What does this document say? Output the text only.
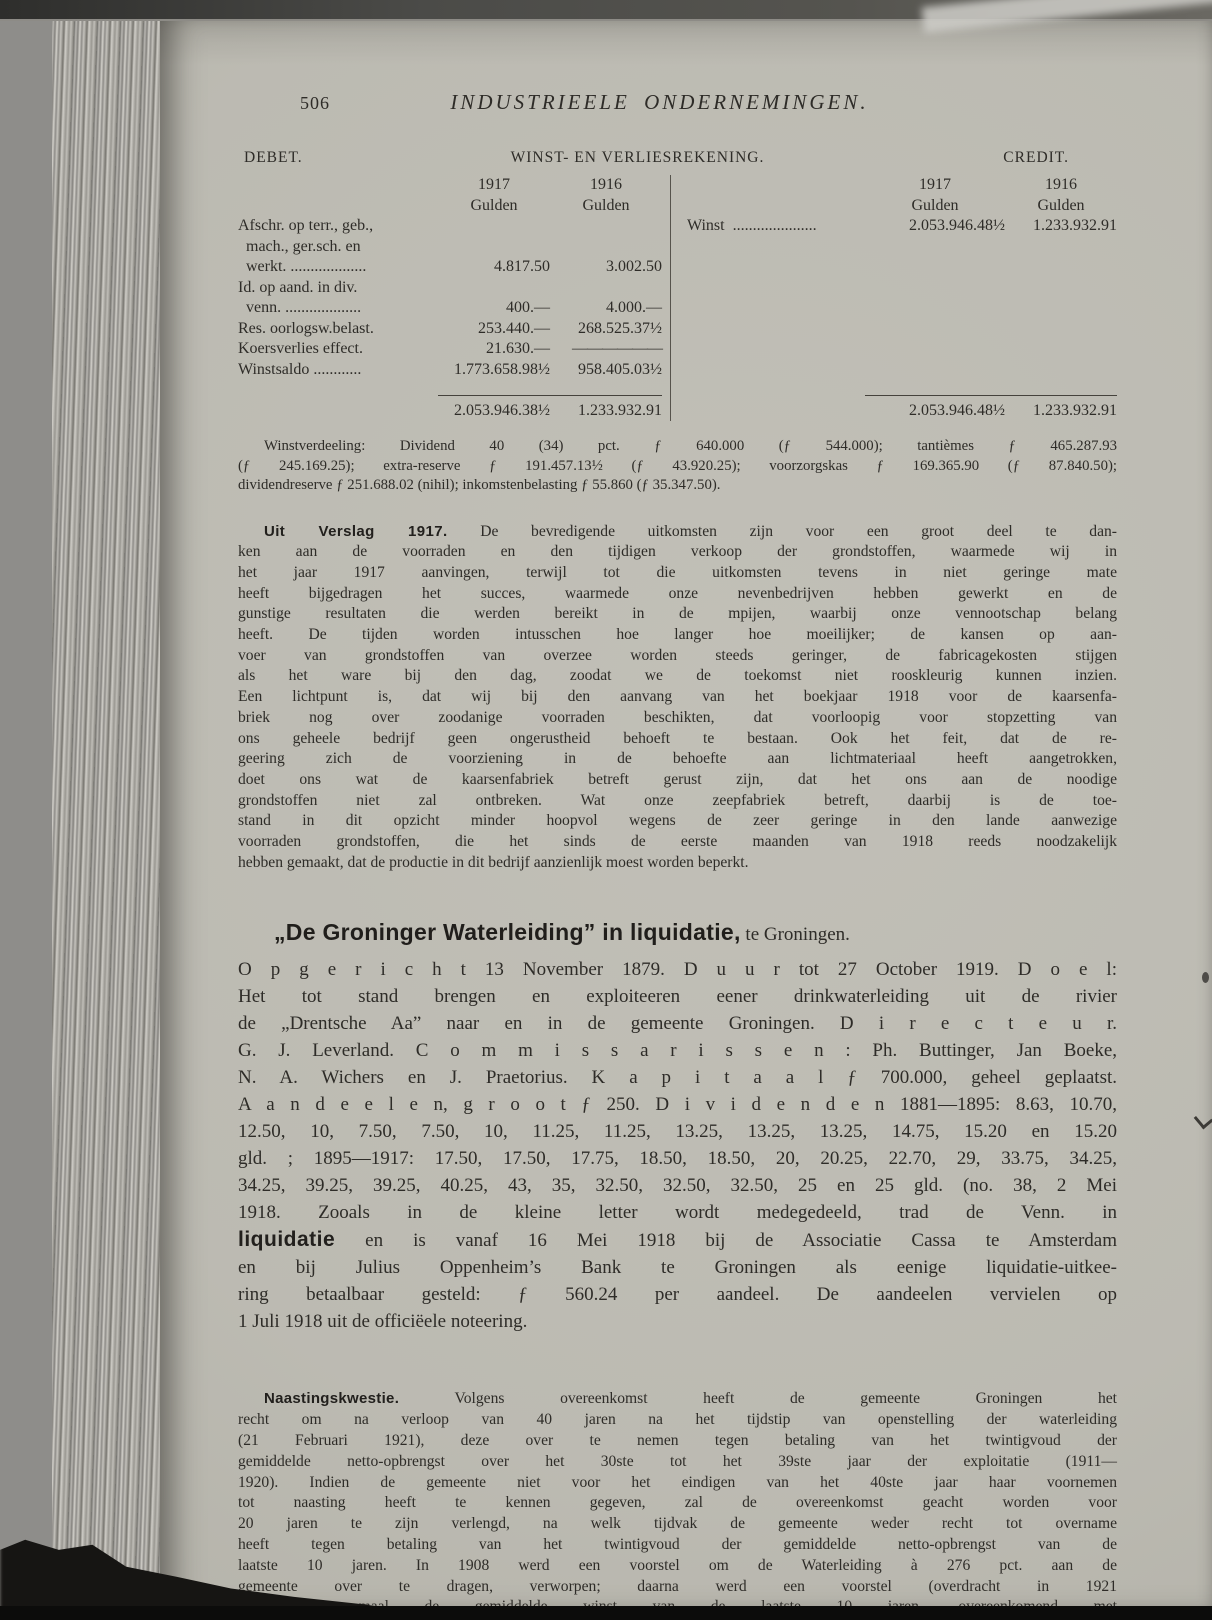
506	INDUSTRIEELE ONDERNEMINGEN.
DEBET.	WINST- EN VERLIESREKENING.	CREDIT.
1917	1916
Gulden	Gulden
Afschr. op terr., geb.,
mach., ger.sch. en
werkt. ...................	4.817.50	3.002.50
Id. op aand. in div.
venn. ...................	400.—	4.000.—
Res. oorlogsw.belast.	253.440.—	268.525.37½
Koersverlies effect.	21.630.—	——————
Winstsaldo ............	1.773.658.98½	958.405.03½
2.053.946.38½	1.233.932.91
1917	1916
Gulden	Gulden
Winst  .....................	2.053.946.48½	1.233.932.91
2.053.946.48½	1.233.932.91
Winstverdeeling: Dividend 40 (34) pct. ƒ 640.000 (ƒ 544.000); tantièmes ƒ 465.287.93
(ƒ 245.169.25); extra-reserve ƒ 191.457.13½ (ƒ 43.920.25); voorzorgskas ƒ 169.365.90 (ƒ 87.840.50);
dividendreserve ƒ 251.688.02 (nihil); inkomstenbelasting ƒ 55.860 (ƒ 35.347.50).
Uit Verslag 1917. De bevredigende uitkomsten zijn voor een groot deel te dan-
ken aan de voorraden en den tijdigen verkoop der grondstoffen, waarmede wij in
het jaar 1917 aanvingen, terwijl tot die uitkomsten tevens in niet geringe mate
heeft bijgedragen het succes, waarmede onze nevenbedrijven hebben gewerkt en de
gunstige resultaten die werden bereikt in de mpijen, waarbij onze vennootschap belang
heeft. De tijden worden intusschen hoe langer hoe moeilijker; de kansen op aan-
voer van grondstoffen van overzee worden steeds geringer, de fabricagekosten stijgen
als het ware bij den dag, zoodat we de toekomst niet rooskleurig kunnen inzien.
Een lichtpunt is, dat wij bij den aanvang van het boekjaar 1918 voor de kaarsenfa-
briek nog over zoodanige voorraden beschikten, dat voorloopig voor stopzetting van
ons geheele bedrijf geen ongerustheid behoeft te bestaan. Ook het feit, dat de re-
geering zich de voorziening in de behoefte aan lichtmateriaal heeft aangetrokken,
doet ons wat de kaarsenfabriek betreft gerust zijn, dat het ons aan de noodige
grondstoffen niet zal ontbreken. Wat onze zeepfabriek betreft, daarbij is de toe-
stand in dit opzicht minder hoopvol wegens de zeer geringe in den lande aanwezige
voorraden grondstoffen, die het sinds de eerste maanden van 1918 reeds noodzakelijk
hebben gemaakt, dat de productie in dit bedrijf aanzienlijk moest worden beperkt.
„De Groninger Waterleiding” in liquidatie, te Groningen.
O p g e r i c h t 13 November 1879. D u u r tot 27 October 1919. D o e l:
Het tot stand brengen en exploiteeren eener drinkwaterleiding uit de rivier
de „Drentsche Aa” naar en in de gemeente Groningen. D i r e c t e u r.
G. J. Leverland. C o m m i s s a r i s s e n : Ph. Buttinger, Jan Boeke,
N. A. Wichers en J. Praetorius. K a p i t a a l ƒ 700.000, geheel geplaatst.
A a n d e e l e n, g r o o t ƒ 250. D i v i d e n d e n 1881—1895: 8.63, 10.70,
12.50, 10, 7.50, 7.50, 10, 11.25, 11.25, 13.25, 13.25, 13.25, 14.75, 15.20 en 15.20
gld. ; 1895—1917: 17.50, 17.50, 17.75, 18.50, 18.50, 20, 20.25, 22.70, 29, 33.75, 34.25,
34.25, 39.25, 39.25, 40.25, 43, 35, 32.50, 32.50, 32.50, 25 en 25 gld. (no. 38, 2 Mei
1918. Zooals in de kleine letter wordt medegedeeld, trad de Venn. in
liquidatie en is vanaf 16 Mei 1918 bij de Associatie Cassa te Amsterdam
en bij Julius Oppenheim’s Bank te Groningen als eenige liquidatie-uitkee-
ring betaalbaar gesteld: ƒ 560.24 per aandeel. De aandeelen vervielen op
1 Juli 1918 uit de officiëele noteering.
Naastingskwestie. Volgens overeenkomst heeft de gemeente Groningen het
recht om na verloop van 40 jaren na het tijdstip van openstelling der waterleiding
(21 Februari 1921), deze over te nemen tegen betaling van het twintigvoud der
gemiddelde netto-opbrengst over het 30ste tot het 39ste jaar der exploitatie (1911—
1920). Indien de gemeente niet voor het eindigen van het 40ste jaar haar voornemen
tot naasting heeft te kennen gegeven, zal de overeenkomst geacht worden voor
20 jaren te zijn verlengd, na welk tijdvak de gemeente weder recht tot overname
heeft tegen betaling van het twintigvoud der gemiddelde netto-opbrengst van de
laatste 10 jaren. In 1908 werd een voorstel om de Waterleiding à 276 pct. aan de
gemeente over te dragen, verworpen; daarna werd een voorstel (overdracht in 1921
